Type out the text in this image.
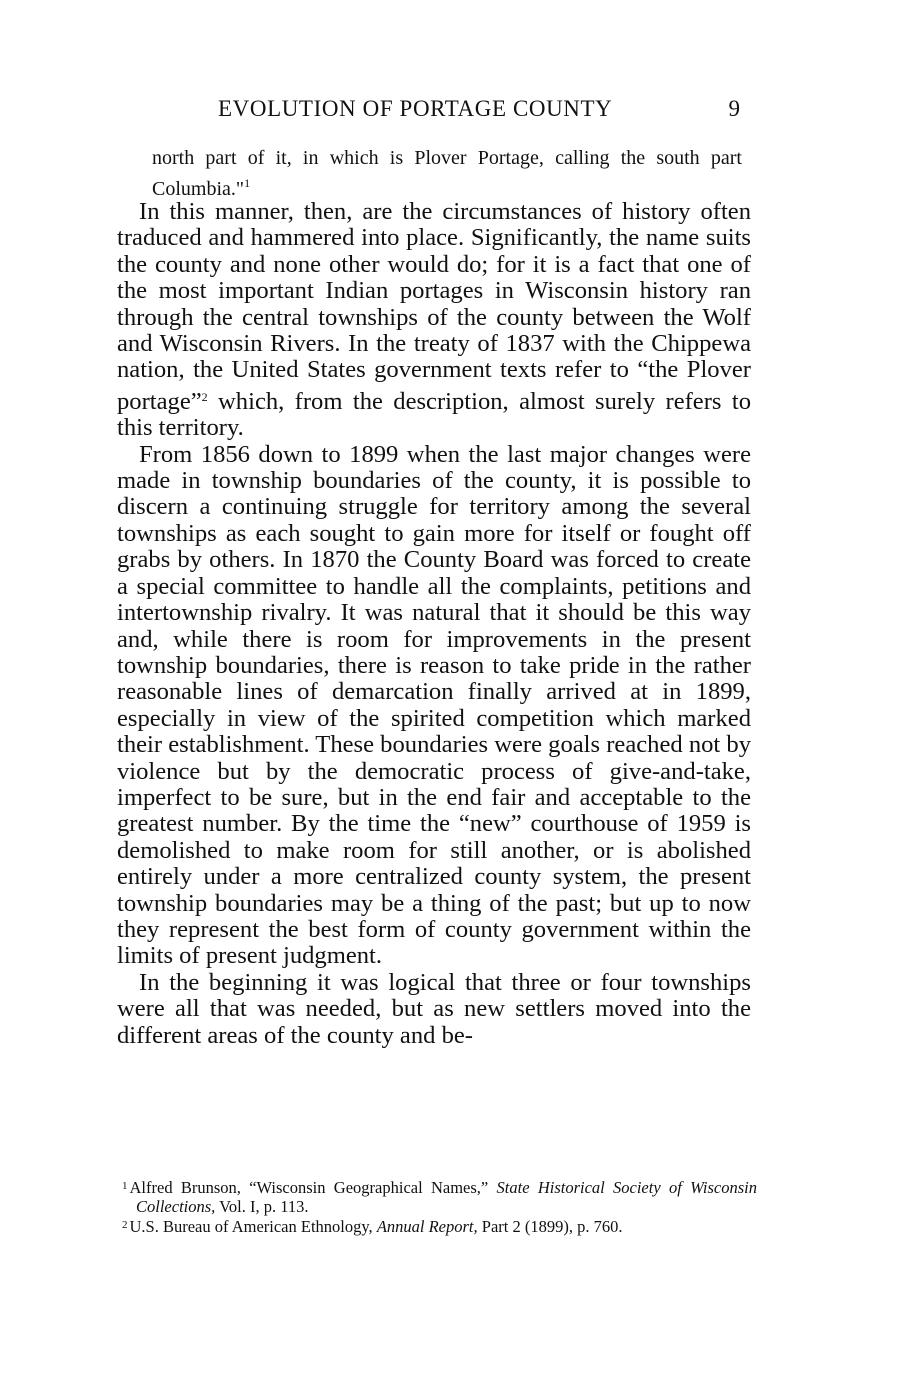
EVOLUTION OF PORTAGE COUNTY	9
north part of it, in which is Plover Portage, calling the south part Columbia."$^1$

In this manner, then, are the circumstances of history often traduced and hammered into place. Significantly, the name suits the county and none other would do; for it is a fact that one of the most important Indian portages in Wisconsin history ran through the central townships of the county between the Wolf and Wisconsin Rivers. In the treaty of 1837 with the Chippewa nation, the United States government texts refer to “the Plover portage”$^2$ which, from the description, almost surely refers to this territory.

From 1856 down to 1899 when the last major changes were made in township boundaries of the county, it is possible to discern a continuing struggle for territory among the several townships as each sought to gain more for itself or fought off grabs by others. In 1870 the County Board was forced to create a special committee to handle all the complaints, petitions and intertownship rivalry. It was natural that it should be this way and, while there is room for improvements in the present township boundaries, there is reason to take pride in the rather reasonable lines of demarcation finally arrived at in 1899, especially in view of the spirited competition which marked their establishment. These boundaries were goals reached not by violence but by the democratic process of give-and-take, imperfect to be sure, but in the end fair and acceptable to the greatest number. By the time the “new” courthouse of 1959 is demolished to make room for still another, or is abolished entirely under a more centralized county system, the present township boundaries may be a thing of the past; but up to now they represent the best form of county government within the limits of present judgment.

In the beginning it was logical that three or four townships were all that was needed, but as new settlers moved into the different areas of the county and be-

$^1$ Alfred Brunson, “Wisconsin Geographical Names,” State Historical Society of Wisconsin Collections, Vol. I, p. 113.
$^2$ U.S. Bureau of American Ethnology, Annual Report, Part 2 (1899), p. 760.
